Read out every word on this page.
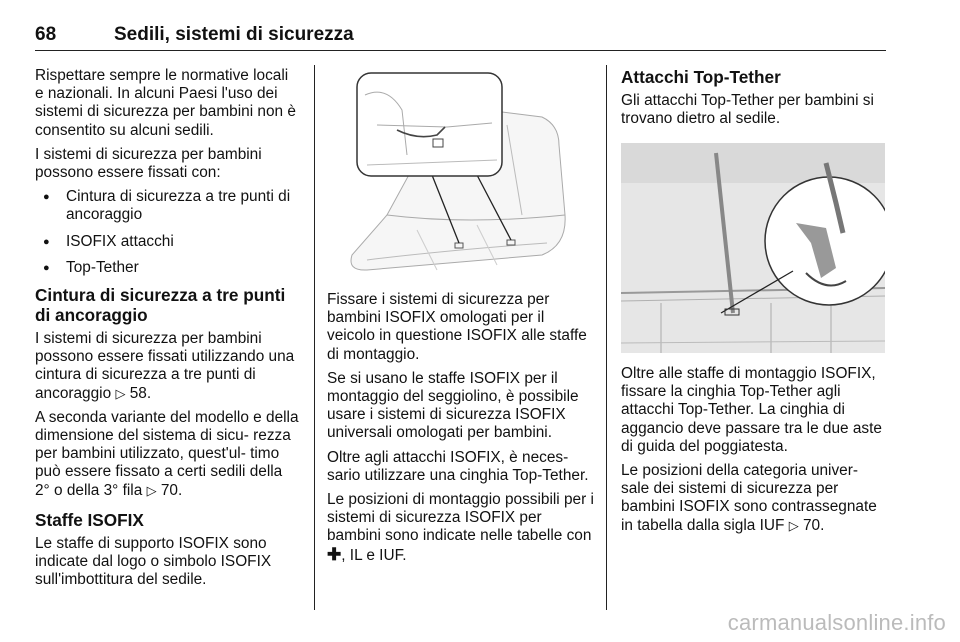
68	Sedili, sistemi di sicurezza

Rispettare sempre le normative locali e nazionali. In alcuni Paesi l'uso dei sistemi di sicurezza per bambini non è consentito su alcuni sedili.

I sistemi di sicurezza per bambini possono essere fissati con:

● Cintura di sicurezza a tre punti di ancoraggio
● ISOFIX attacchi
● Top-Tether
Cintura di sicurezza a tre punti di ancoraggio

I sistemi di sicurezza per bambini possono essere fissati utilizzando una cintura di sicurezza a tre punti di ancoraggio ▷ 58.

A seconda variante del modello e della dimensione del sistema di sicu- rezza per bambini utilizzato, quest'ul- timo può essere fissato a certi sedili della 2° o della 3° fila ▷ 70.

Staffe ISOFIX

Le staffe di supporto ISOFIX sono indicate dal logo o simbolo ISOFIX sull'imbottitura del sedile.

Fissare i sistemi di sicurezza per bambini ISOFIX omologati per il veicolo in questione ISOFIX alle staffe di montaggio.

Se si usano le staffe ISOFIX per il montaggio del seggiolino, è possibile usare i sistemi di sicurezza ISOFIX universali omologati per bambini.

Oltre agli attacchi ISOFIX, è neces- sario utilizzare una cinghia Top-Tether.

Le posizioni di montaggio possibili per i sistemi di sicurezza ISOFIX per bambini sono indicate nelle tabelle con ✚, IL e IUF.

Attacchi Top-Tether

Gli attacchi Top-Tether per bambini si trovano dietro al sedile.

Oltre alle staffe di montaggio ISOFIX, fissare la cinghia Top-Tether agli attacchi Top-Tether. La cinghia di aggancio deve passare tra le due aste di guida del poggiatesta.

Le posizioni della categoria univer- sale dei sistemi di sicurezza per bambini ISOFIX sono contrassegnate in tabella dalla sigla IUF ▷ 70.

carmanualsonline.info
